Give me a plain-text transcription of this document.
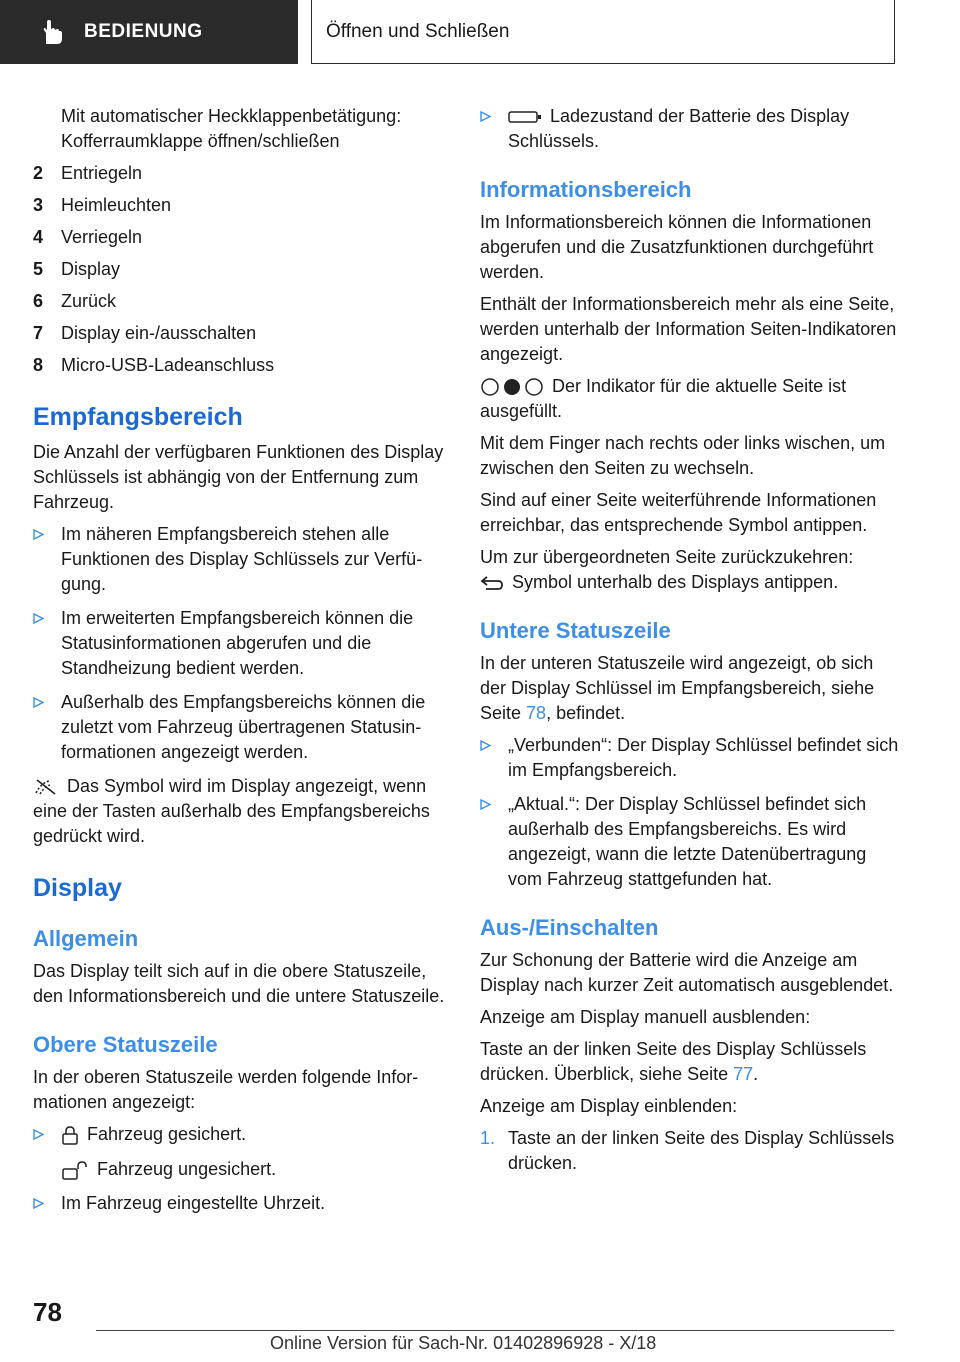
BEDIENUNG	Öffnen und Schließen
Mit automatischer Heckklappenbetätigung: Kofferraumklappe öffnen/schließen
2 Entriegeln
3 Heimleuchten
4 Verriegeln
5 Display
6 Zurück
7 Display ein-/ausschalten
8 Micro-USB-Ladeanschluss
Empfangsbereich

Die Anzahl der verfügbaren Funktionen des Display Schlüssels ist abhängig von der Entfernung zum Fahrzeug.

Im näheren Empfangsbereich stehen alle Funktionen des Display Schlüssels zur Verfügung.
Im erweiterten Empfangsbereich können die Statusinformationen abgerufen und die Standheizung bedient werden.
Außerhalb des Empfangsbereichs können die zuletzt vom Fahrzeug übertragenen Statusinformationen angezeigt werden.

Das Symbol wird im Display angezeigt, wenn eine der Tasten außerhalb des Empfangsbereichs gedrückt wird.

Display
Allgemein

Das Display teilt sich auf in die obere Statuszeile, den Informationsbereich und die untere Statuszeile.

Obere Statuszeile

In der oberen Statuszeile werden folgende Informationen angezeigt:

Fahrzeug gesichert.
Fahrzeug ungesichert.
Im Fahrzeug eingestellte Uhrzeit.
Ladezustand der Batterie des Display Schlüssels.
Informationsbereich

Im Informationsbereich können die Informationen abgerufen und die Zusatzfunktionen durchgeführt werden.

Enthält der Informationsbereich mehr als eine Seite, werden unterhalb der Information Seiten-Indikatoren angezeigt.

Der Indikator für die aktuelle Seite ist ausgefüllt.

Mit dem Finger nach rechts oder links wischen, um zwischen den Seiten zu wechseln.

Sind auf einer Seite weiterführende Informationen erreichbar, das entsprechende Symbol antippen.

Um zur übergeordneten Seite zurückzukehren:
Symbol unterhalb des Displays antippen.

Untere Statuszeile

In der unteren Statuszeile wird angezeigt, ob sich der Display Schlüssel im Empfangsbereich, siehe Seite 78, befindet.

„Verbunden“: Der Display Schlüssel befindet sich im Empfangsbereich.
„Aktual.“: Der Display Schlüssel befindet sich außerhalb des Empfangsbereichs. Es wird angezeigt, wann die letzte Datenübertragung vom Fahrzeug stattgefunden hat.
Aus-/Einschalten

Zur Schonung der Batterie wird die Anzeige am Display nach kurzer Zeit automatisch ausgeblendet.

Anzeige am Display manuell ausblenden:

Taste an der linken Seite des Display Schlüssels drücken. Überblick, siehe Seite 77.

Anzeige am Display einblenden:

1. Taste an der linken Seite des Display Schlüssels drücken.
78
Online Version für Sach-Nr. 01402896928 - X/18
